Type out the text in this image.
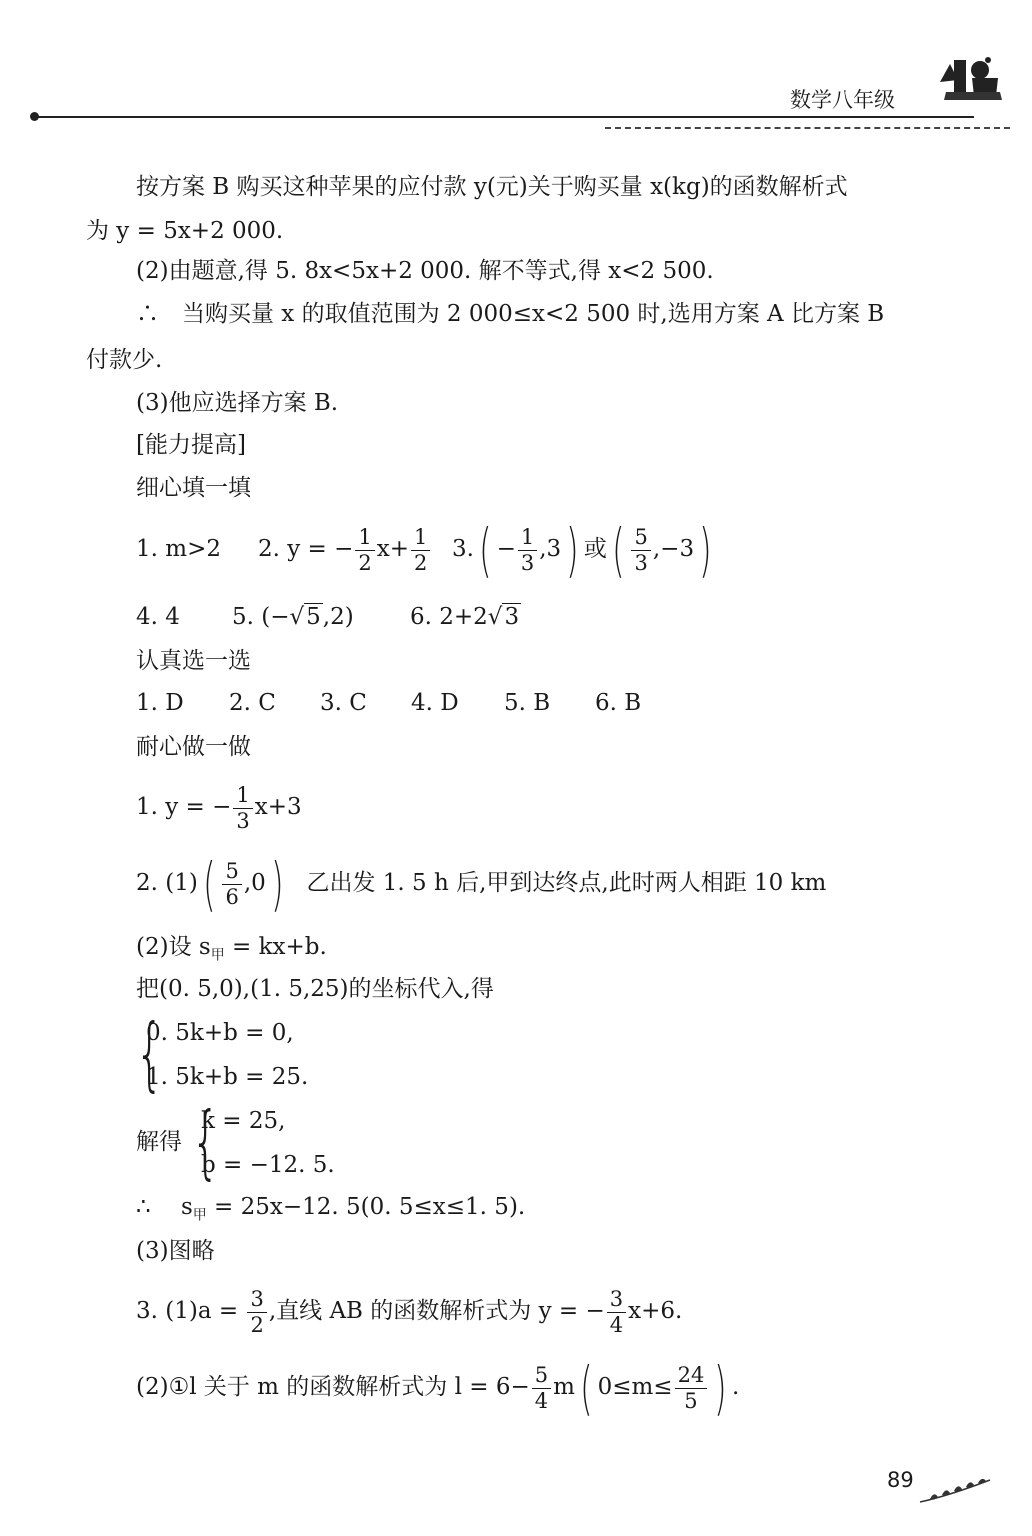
数学八年级
按方案 B 购买这种苹果的应付款 y(元)关于购买量 x(kg)的函数解析式
为 y = 5x+2 000.
(2)由题意,得 5. 8x<5x+2 000. 解不等式,得 x<2 500.
∴　当购买量 x 的取值范围为 2 000≤x<2 500 时,选用方案 A 比方案 B
付款少.
(3)他应选择方案 B.
[能力提高]
细心填一填
1. m>2 2. y = − $\frac{1}{2} x+ \frac{1}{2} 3.( - \frac{1}{3} ,3)$ 或( $\frac{5}{3} ,-3$)
4. 4 5. (−√5,2) 6. 2+2√3
认真选一选
1. D 2. C 3. C 4. D 5. B 6. B
耐心做一做
1. y = − $\frac{1}{3} x+3$
2. $(1)( \frac{5}{6} ,0)$ 乙出发 1. 5 h 后,甲到达终点,此时两人相距 10 km
(2)设 $s_甲 = kx+b$.
把(0. 5,0),(1. 5,25)的坐标代入,得
{
0. 5k+b = 0,
1. 5k+b = 25.
解得 {
k = 25,
b = −12. 5.
∴　 $s_甲 = 25x-12$. 5(0. 5≤x≤1. 5).
(3)图略
3. $(1)a = \frac{3}{2}$ ,直线 AB 的函数解析式为 y = − $\frac{3}{4} x+6$.
(2)①l 关于 m 的函数解析式为 $l = 6- \frac{5}{4} m$( $0\le m\le \frac{24}{5}$ ) .
89
